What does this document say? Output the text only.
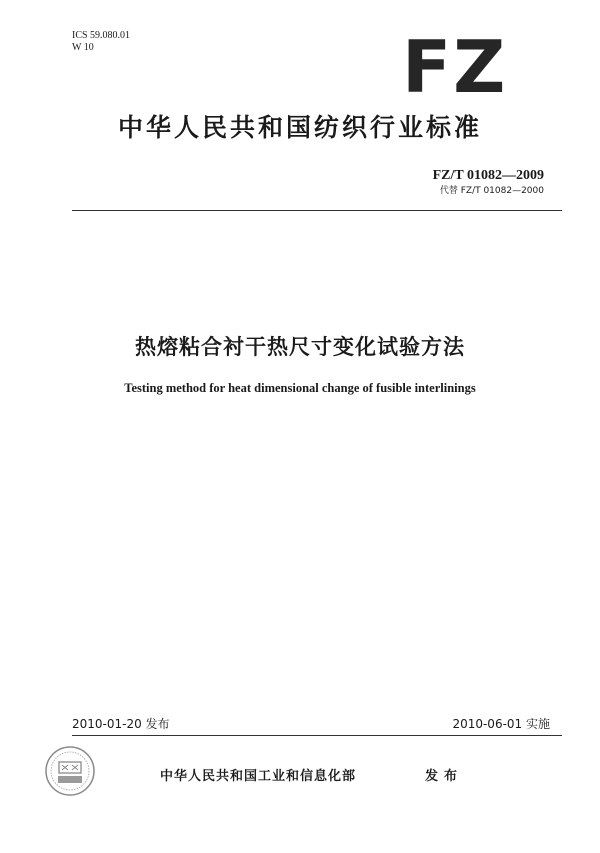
ICS 59.080.01
W 10	FZ
中华人民共和国纺织行业标准
FZ/T 01082—2009
代替 FZ/T 01082—2000
热熔粘合衬干热尺寸变化试验方法
Testing method for heat dimensional change of fusible interlinings
2010-01-20 发布	2010-06-01 实施
中华人民共和国工业和信息化部	发布
